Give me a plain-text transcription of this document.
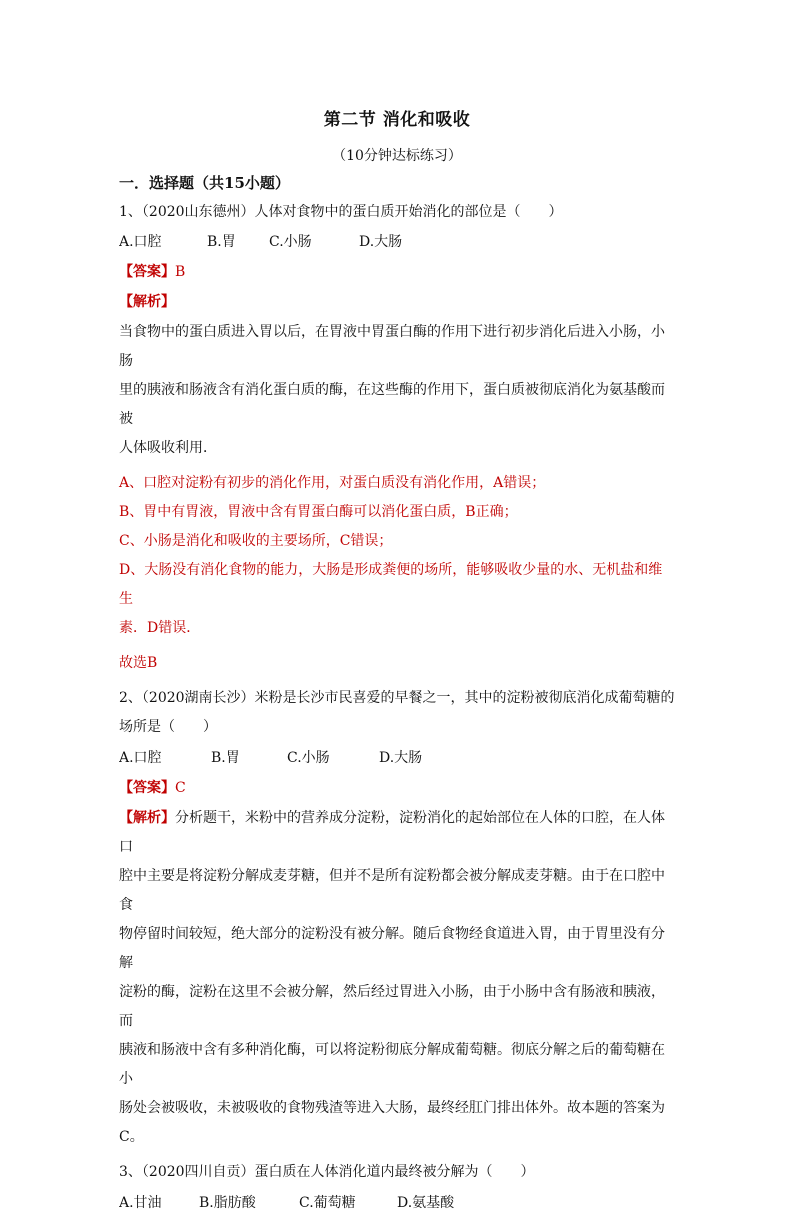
第二节 消化和吸收
（10分钟达标练习）
一．选择题（共15小题）
1、（2020山东德州）人体对食物中的蛋白质开始消化的部位是（　　）
A.口腔	B.胃	C.小肠	D.大肠
【答案】B
【解析】

当食物中的蛋白质进入胃以后，在胃液中胃蛋白酶的作用下进行初步消化后进入小肠，小肠

里的胰液和肠液含有消化蛋白质的酶，在这些酶的作用下，蛋白质被彻底消化为氨基酸而被

人体吸收利用．

A、口腔对淀粉有初步的消化作用，对蛋白质没有消化作用，A错误；

B、胃中有胃液，胃液中含有胃蛋白酶可以消化蛋白质，B正确；

C、小肠是消化和吸收的主要场所，C错误；

D、大肠没有消化食物的能力，大肠是形成粪便的场所，能够吸收少量的水、无机盐和维生

素．D错误．

故选B

2、（2020湖南长沙）米粉是长沙市民喜爱的早餐之一，其中的淀粉被彻底消化成葡萄糖的

场所是（　　）

A.口腔	B.胃	C.小肠	D.大肠
【答案】C

【解析】分析题干，米粉中的营养成分淀粉，淀粉消化的起始部位在人体的口腔，在人体口

腔中主要是将淀粉分解成麦芽糖，但并不是所有淀粉都会被分解成麦芽糖。由于在口腔中食

物停留时间较短，绝大部分的淀粉没有被分解。随后食物经食道进入胃，由于胃里没有分解

淀粉的酶，淀粉在这里不会被分解，然后经过胃进入小肠，由于小肠中含有肠液和胰液，而

胰液和肠液中含有多种消化酶，可以将淀粉彻底分解成葡萄糖。彻底分解之后的葡萄糖在小

肠处会被吸收，未被吸收的食物残渣等进入大肠，最终经肛门排出体外。故本题的答案为

C。

3、（2020四川自贡）蛋白质在人体消化道内最终被分解为（　　）

A.甘油	B.脂肪酸	C.葡萄糖	D.氨基酸
